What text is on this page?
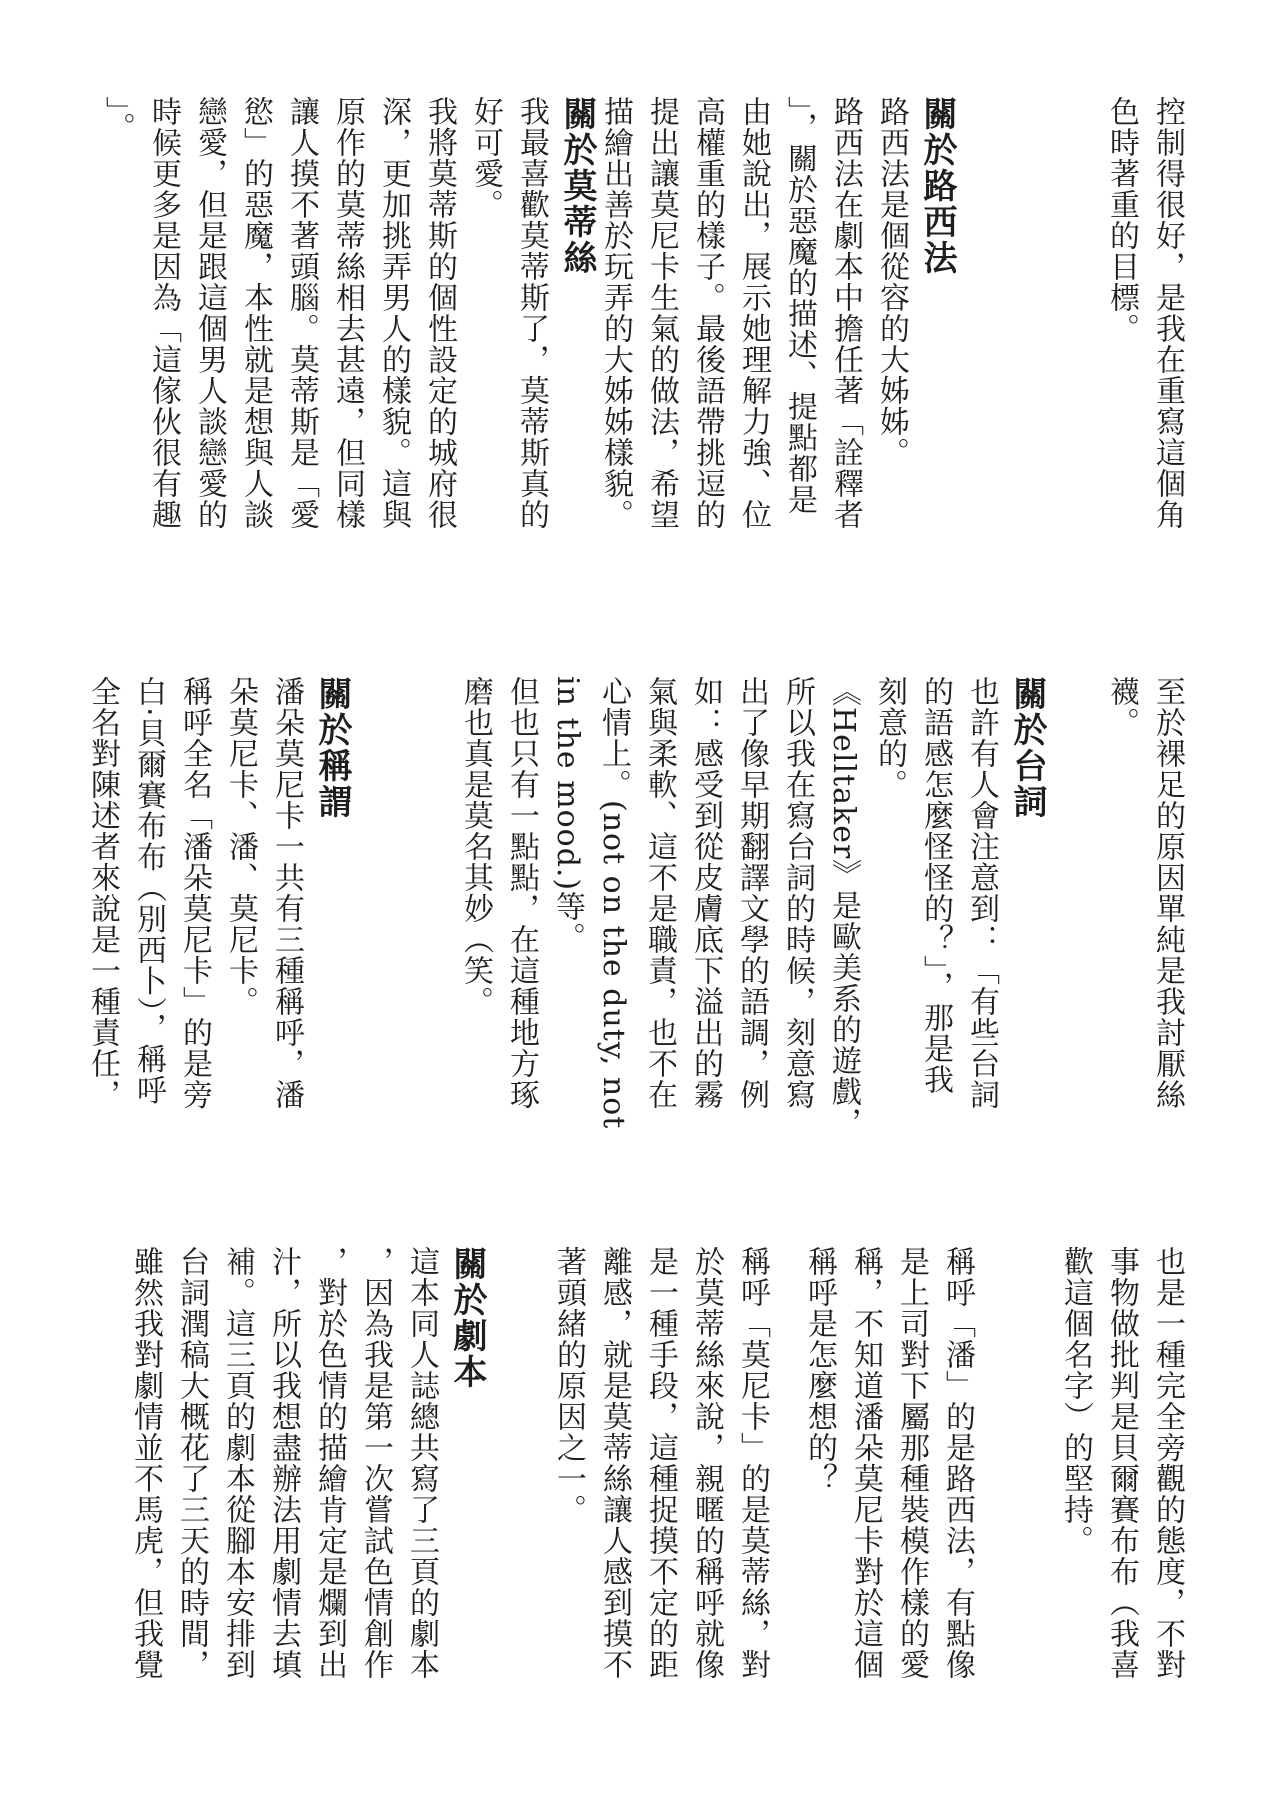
控制得很好，是我在重寫這個角
色時著重的目標。
關於路西法
路西法是個從容的大姊姊。
路西法在劇本中擔任著「詮釋者
」，關於惡魔的描述、提點都是
由她說出，展示她理解力強、位
高權重的樣子。最後語帶挑逗的
提出讓莫尼卡生氣的做法，希望
描繪出善於玩弄的大姊姊樣貌。
關於莫蒂絲
我最喜歡莫蒂斯了，莫蒂斯真的
好可愛。
我將莫蒂斯的個性設定的城府很
深，更加挑弄男人的樣貌。這與
原作的莫蒂絲相去甚遠，但同樣
讓人摸不著頭腦。莫蒂斯是「愛
慾」的惡魔，本性就是想與人談
戀愛，但是跟這個男人談戀愛的
時候更多是因為「這傢伙很有趣
」。
至於裸足的原因單純是我討厭絲
襪。
關於台詞
也許有人會注意到：「有些台詞
的語感怎麼怪怪的？」，那是我
刻意的。
《Helltaker》是歐美系的遊戲，
所以我在寫台詞的時候，刻意寫
出了像早期翻譯文學的語調，例
如：感受到從皮膚底下溢出的霧
氣與柔軟、這不是職責，也不在
心情上。(not on the duty, not
in the mood.)等。
但也只有一點點，在這種地方琢
磨也真是莫名其妙（笑。
關於稱謂
潘朵莫尼卡一共有三種稱呼，潘
朵莫尼卡、潘、莫尼卡。
稱呼全名「潘朵莫尼卡」的是旁
白‧貝爾賽布布（別西卜），稱呼
全名對陳述者來說是一種責任，
也是一種完全旁觀的態度，不對
事物做批判是貝爾賽布布（我喜
歡這個名字）的堅持。
稱呼「潘」的是路西法，有點像
是上司對下屬那種裝模作樣的愛
稱，不知道潘朵莫尼卡對於這個
稱呼是怎麼想的？
稱呼「莫尼卡」的是莫蒂絲，對
於莫蒂絲來說，親暱的稱呼就像
是一種手段，這種捉摸不定的距
離感，就是莫蒂絲讓人感到摸不
著頭緒的原因之一。
關於劇本
這本同人誌總共寫了三頁的劇本
，因為我是第一次嘗試色情創作
，對於色情的描繪肯定是爛到出
汁，所以我想盡辦法用劇情去填
補。這三頁的劇本從腳本安排到
台詞潤稿大概花了三天的時間，
雖然我對劇情並不馬虎，但我覺
